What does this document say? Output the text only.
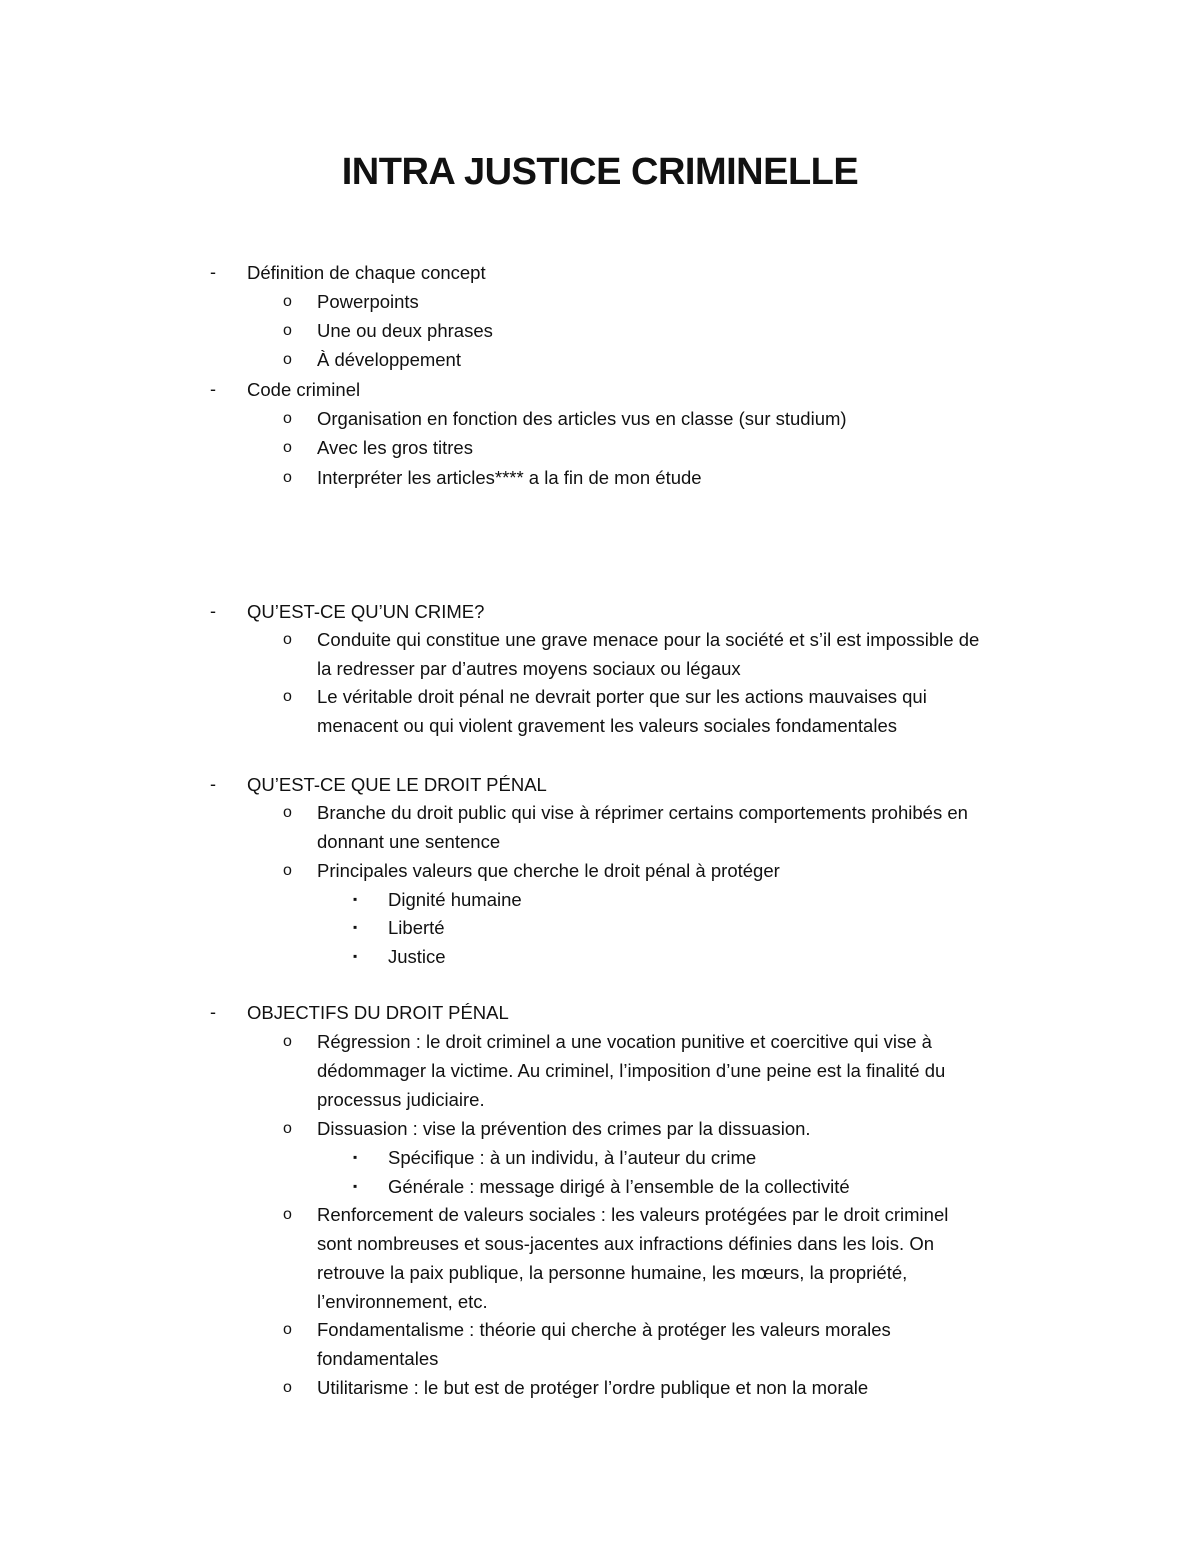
INTRA JUSTICE CRIMINELLE
- Définition de chaque concept
o Powerpoints
o Une ou deux phrases
o À développement
- Code criminel
o Organisation en fonction des articles vus en classe (sur studium)
o Avec les gros titres
o Interpréter les articles**** a la fin de mon étude
- QU’EST-CE QU’UN CRIME?
o Conduite qui constitue une grave menace pour la société et s’il est impossible de
la redresser par d’autres moyens sociaux ou légaux
o Le véritable droit pénal ne devrait porter que sur les actions mauvaises qui
menacent ou qui violent gravement les valeurs sociales fondamentales
- QU’EST-CE QUE LE DROIT PÉNAL
o Branche du droit public qui vise à réprimer certains comportements prohibés en
donnant une sentence
o Principales valeurs que cherche le droit pénal à protéger
▪ Dignité humaine
▪ Liberté
▪ Justice
- OBJECTIFS DU DROIT PÉNAL
o Régression : le droit criminel a une vocation punitive et coercitive qui vise à
dédommager la victime. Au criminel, l’imposition d’une peine est la finalité du
processus judiciaire.
o Dissuasion : vise la prévention des crimes par la dissuasion.
▪ Spécifique : à un individu, à l’auteur du crime
▪ Générale : message dirigé à l’ensemble de la collectivité
o Renforcement de valeurs sociales : les valeurs protégées par le droit criminel
sont nombreuses et sous-jacentes aux infractions définies dans les lois. On
retrouve la paix publique, la personne humaine, les mœurs, la propriété,
l’environnement, etc.
o Fondamentalisme : théorie qui cherche à protéger les valeurs morales
fondamentales
o Utilitarisme : le but est de protéger l’ordre publique et non la morale
